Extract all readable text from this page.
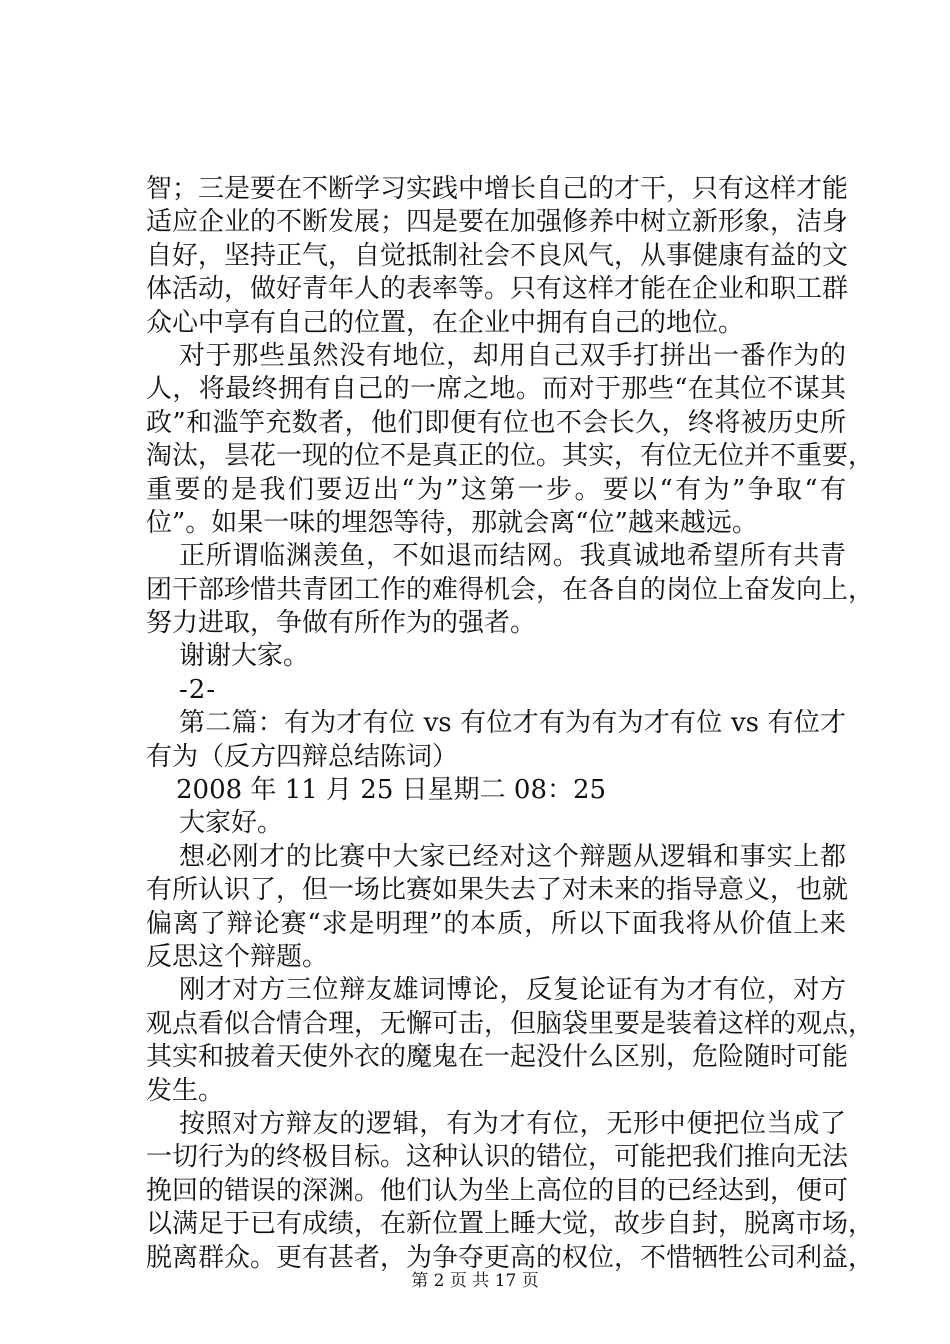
智；三是要在不断学习实践中增长自己的才干，只有这样才能
适应企业的不断发展；四是要在加强修养中树立新形象，洁身
自好，坚持正气，自觉抵制社会不良风气，从事健康有益的文
体活动，做好青年人的表率等。只有这样才能在企业和职工群
众心中享有自己的位置，在企业中拥有自己的地位。
对于那些虽然没有地位，却用自己双手打拼出一番作为的
人，将最终拥有自己的一席之地。而对于那些“在其位不谋其
政”和滥竽充数者，他们即便有位也不会长久，终将被历史所
淘汰，昙花一现的位不是真正的位。其实，有位无位并不重要，
重要的是我们要迈出“为”这第一步。要以“有为”争取“有
位”。如果一味的埋怨等待，那就会离“位”越来越远。
正所谓临渊羡鱼，不如退而结网。我真诚地希望所有共青
团干部珍惜共青团工作的难得机会，在各自的岗位上奋发向上，
努力进取，争做有所作为的强者。
谢谢大家。
-2-
第二篇：有为才有位 vs 有位才有为有为才有位 vs 有位才
有为（反方四辩总结陈词）
2008 年 11 月 25 日星期二 08：25
大家好。
想必刚才的比赛中大家已经对这个辩题从逻辑和事实上都
有所认识了，但一场比赛如果失去了对未来的指导意义，也就
偏离了辩论赛“求是明理”的本质，所以下面我将从价值上来
反思这个辩题。
刚才对方三位辩友雄词博论，反复论证有为才有位，对方
观点看似合情合理，无懈可击，但脑袋里要是装着这样的观点，
其实和披着天使外衣的魔鬼在一起没什么区别，危险随时可能
发生。
按照对方辩友的逻辑，有为才有位，无形中便把位当成了
一切行为的终极目标。这种认识的错位，可能把我们推向无法
挽回的错误的深渊。他们认为坐上高位的目的已经达到，便可
以满足于已有成绩，在新位置上睡大觉，故步自封，脱离市场，
脱离群众。更有甚者，为争夺更高的权位，不惜牺牲公司利益，
第 2 页 共 17 页
